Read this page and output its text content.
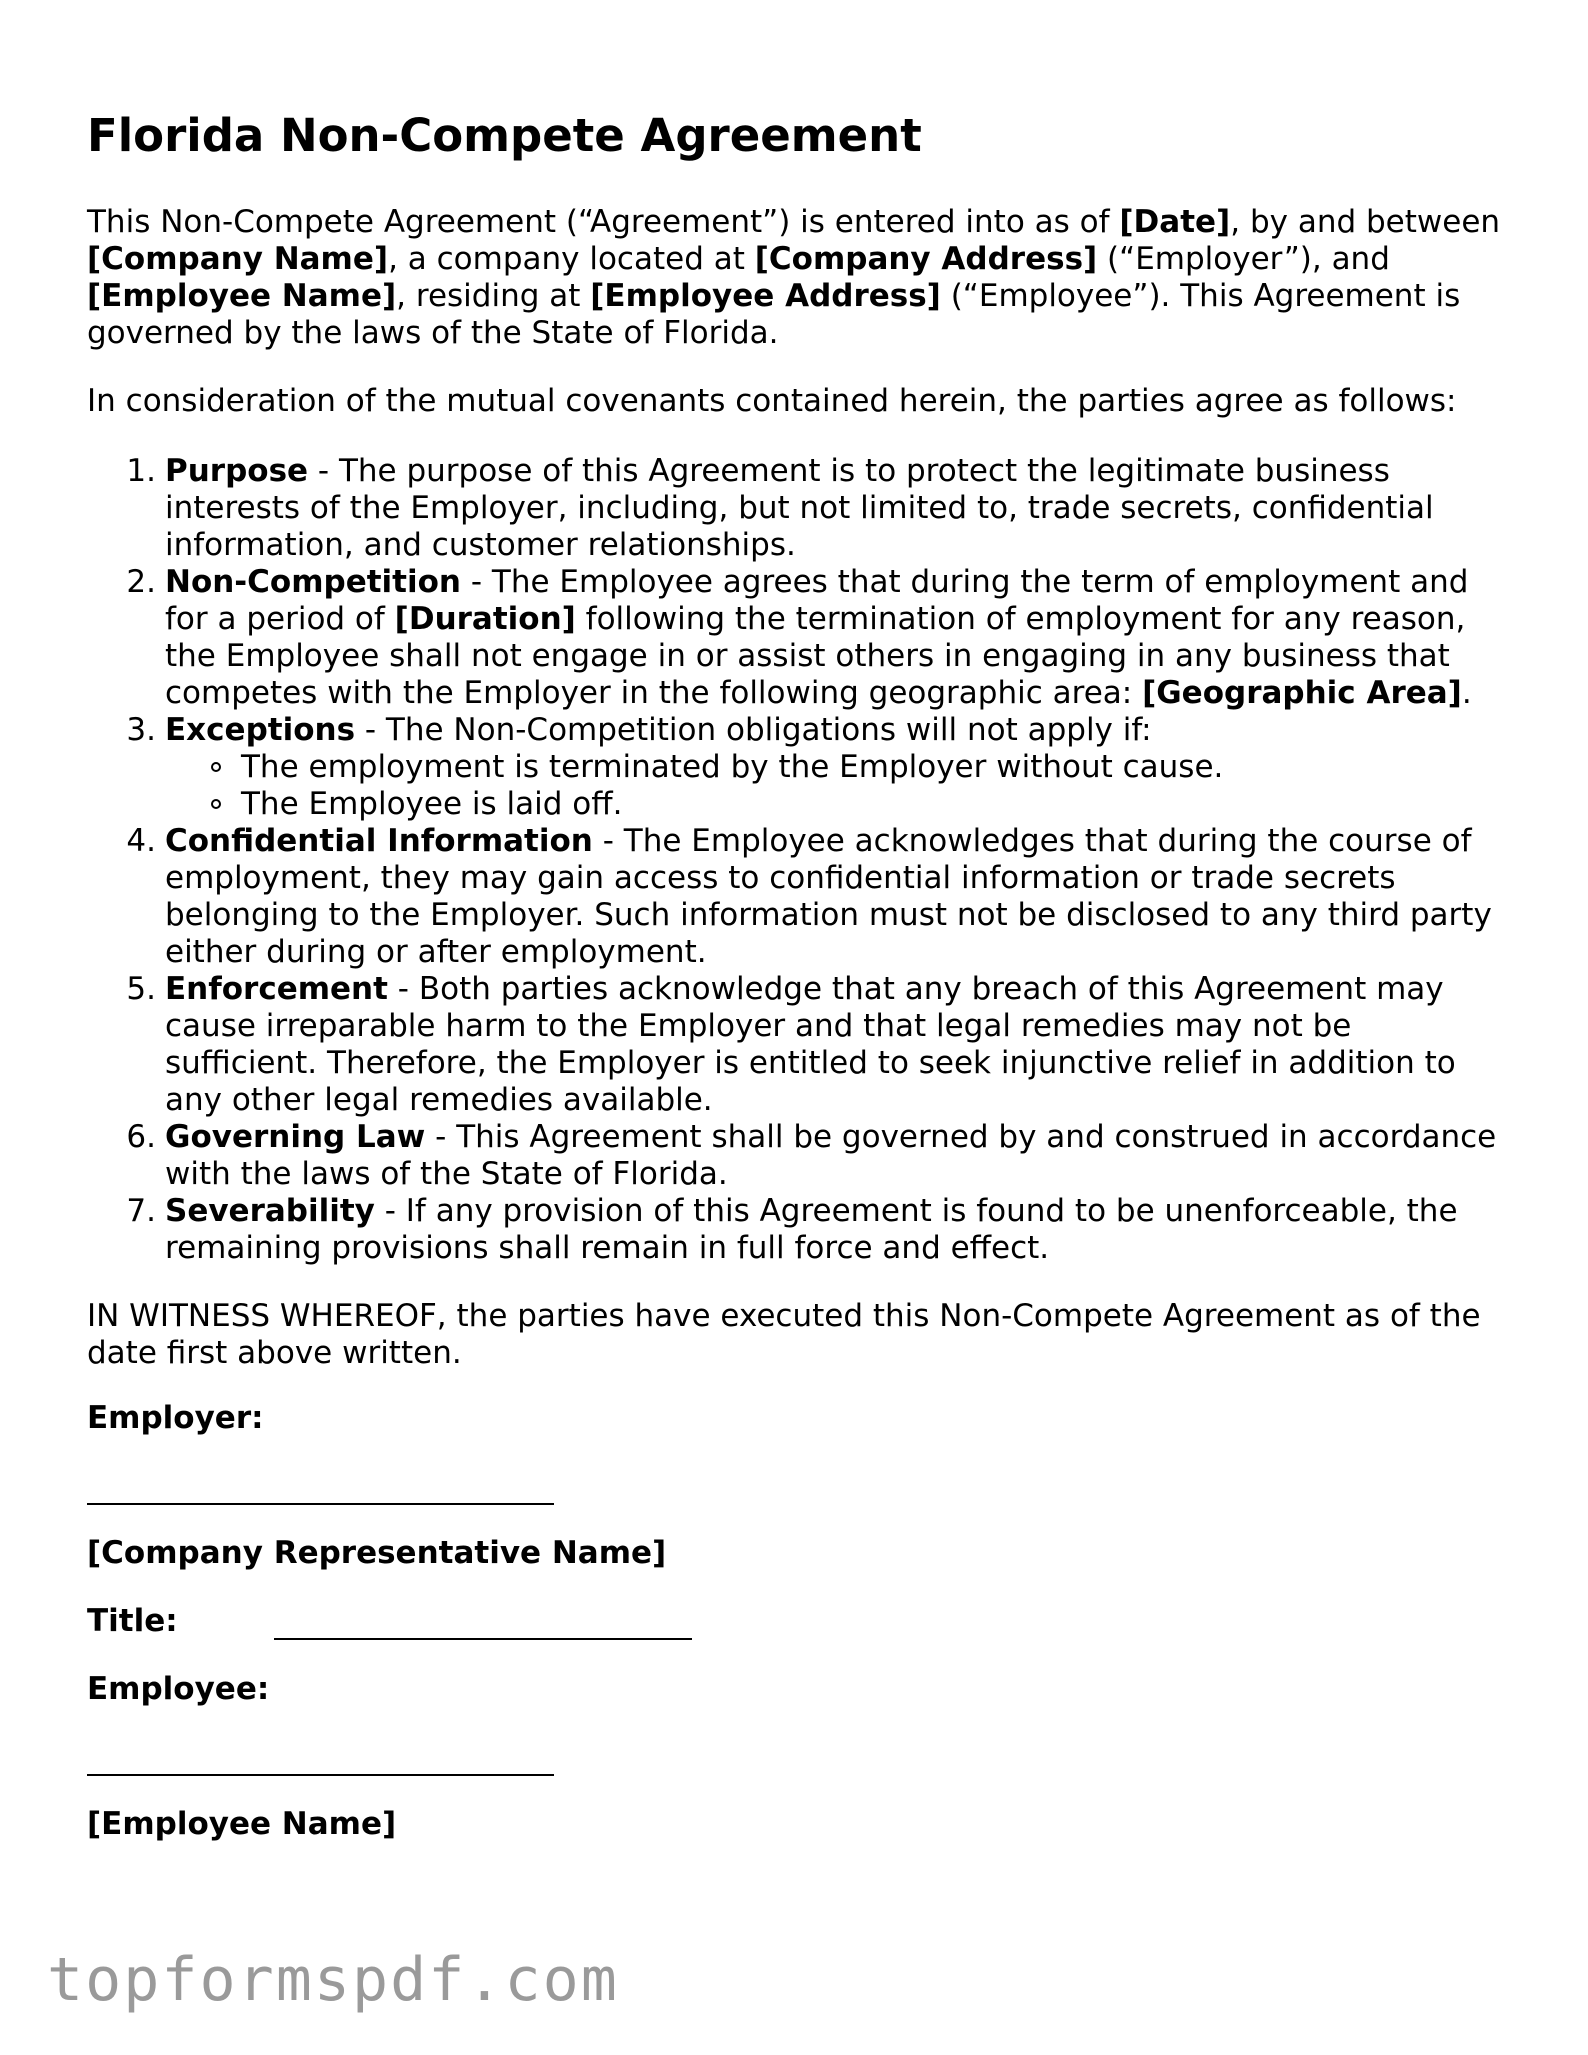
Florida Non-Compete Agreement

This Non-Compete Agreement (“Agreement”) is entered into as of [Date], by and between [Company Name], a company located at [Company Address] (“Employer”), and [Employee Name], residing at [Employee Address] (“Employee”). This Agreement is governed by the laws of the State of Florida.

In consideration of the mutual covenants contained herein, the parties agree as follows:

Purpose - The purpose of this Agreement is to protect the legitimate business interests of the Employer, including, but not limited to, trade secrets, confidential information, and customer relationships.
Non-Competition - The Employee agrees that during the term of employment and for a period of [Duration] following the termination of employment for any reason, the Employee shall not engage in or assist others in engaging in any business that competes with the Employer in the following geographic area: [Geographic Area].
Exceptions - The Non-Competition obligations will not apply if:
The employment is terminated by the Employer without cause.
The Employee is laid off.
Confidential Information - The Employee acknowledges that during the course of employment, they may gain access to confidential information or trade secrets belonging to the Employer. Such information must not be disclosed to any third party either during or after employment.
Enforcement - Both parties acknowledge that any breach of this Agreement may cause irreparable harm to the Employer and that legal remedies may not be sufficient. Therefore, the Employer is entitled to seek injunctive relief in addition to any other legal remedies available.
Governing Law - This Agreement shall be governed by and construed in accordance with the laws of the State of Florida.
Severability - If any provision of this Agreement is found to be unenforceable, the remaining provisions shall remain in full force and effect.

IN WITNESS WHEREOF, the parties have executed this Non-Compete Agreement as of the date first above written.

Employer:
[Company Representative Name]
Title:
Employee:
[Employee Name]
topformspdf.com
